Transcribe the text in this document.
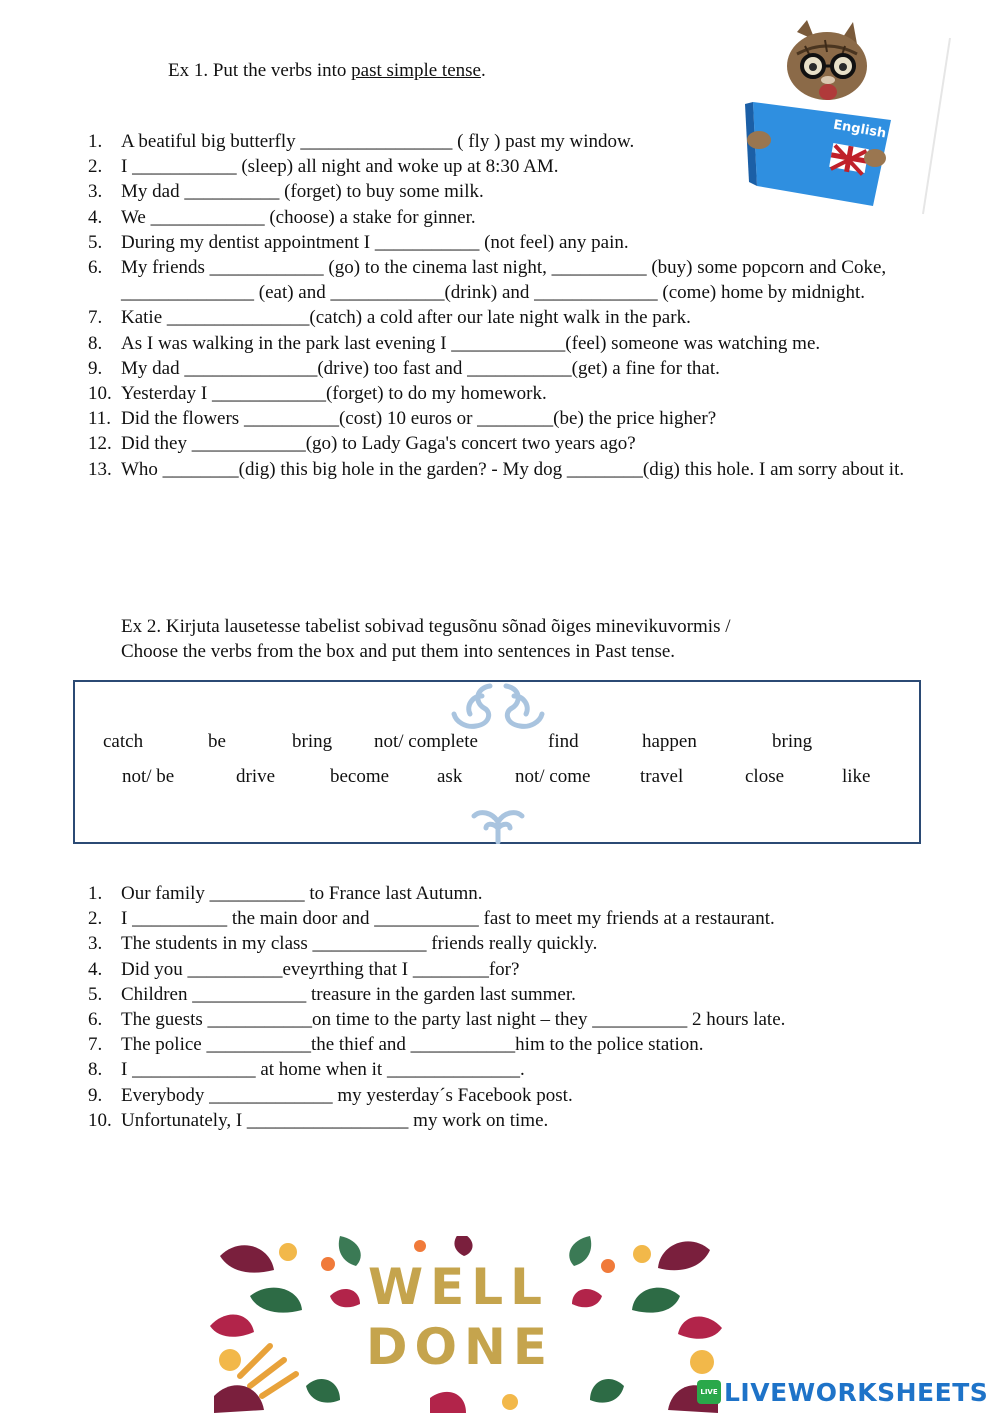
Ex 1. Put the verbs into past simple tense.
English
1. A beatiful big butterfly ________________ ( fly ) past my window.
2. I ___________ (sleep) all night and woke up at 8:30 AM.
3. My dad __________ (forget) to buy some milk.
4. We ____________ (choose) a stake for ginner.
5. During my dentist appointment I ___________ (not feel) any pain.
6. My friends ____________ (go) to the cinema last night, __________ (buy) some popcorn and Coke, ______________ (eat) and ____________(drink) and _____________ (come) home by midnight.
7. Katie _______________(catch) a cold after our late night walk in the park.
8. As I was walking in the park last evening I ____________(feel) someone was watching me.
9. My dad ______________(drive) too fast and ___________(get) a fine for that.
10. Yesterday I ____________(forget) to do my homework.
11. Did the flowers __________(cost) 10 euros or ________(be) the price higher?
12. Did they ____________(go) to Lady Gaga's concert two years ago?
13. Who ________(dig) this big hole in the garden? - My dog ________(dig) this hole. I am sorry about it.
Ex 2. Kirjuta lausetesse tabelist sobivad tegusõnu sõnad õiges minevikuvormis /
Choose the verbs from the box and put them into sentences in Past tense.
catch	be	bring not/ complete	find	happen	bring
not/ be	drive	become	ask	not/ come	travel	close	like
1. Our family __________ to France last Autumn.
2. I __________ the main door and ___________ fast to meet my friends at a restaurant.
3. The students in my class ____________ friends really quickly.
4. Did you __________eveyrthing that I ________for?
5. Children ____________ treasure in the garden last summer.
6. The guests ___________on time to the party last night – they __________ 2 hours late.
7. The police ___________the thief and ___________him to the police station.
8. I _____________ at home when it ______________.
9. Everybody _____________ my yesterday´s Facebook post.
10. Unfortunately, I _________________ my work on time.
WELL
DONE
LIVE LIVEWORKSHEETS
